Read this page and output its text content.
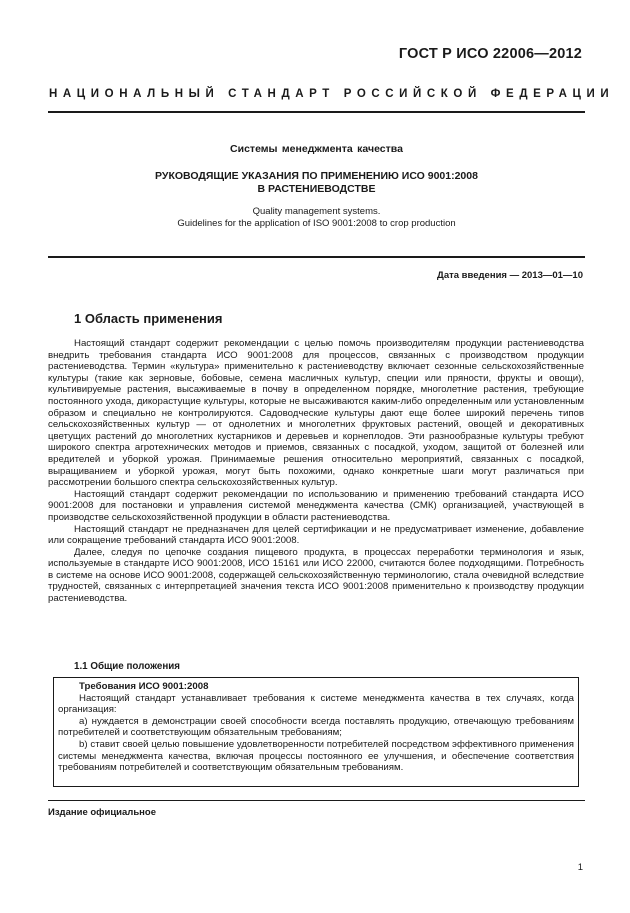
ГОСТ Р ИСО 22006—2012
НАЦИОНАЛЬНЫЙ СТАНДАРТ РОССИЙСКОЙ ФЕДЕРАЦИИ
Системы менеджмента качества
РУКОВОДЯЩИЕ УКАЗАНИЯ ПО ПРИМЕНЕНИЮ ИСО 9001:2008
В РАСТЕНИЕВОДСТВЕ
Quality management systems.
Guidelines for the application of ISO 9001:2008 to crop production
Дата введения — 2013—01—10
1 Область применения

Настоящий стандарт содержит рекомендации с целью помочь производителям продукции растениеводства внедрить требования стандарта ИСО 9001:2008 для процессов, связанных с производством продукции растениеводства. Термин «культура» применительно к растениеводству включает сезонные сельскохозяйственные культуры (такие как зерновые, бобовые, семена масличных культур, специи или пряности, фрукты и овощи), культивируемые растения, высаживаемые в почву в определенном порядке, многолетние растения, требующие постоянного ухода, дикорастущие культуры, которые не высаживаются каким-либо определенным или установленным образом и специально не контролируются. Садоводческие культуры дают еще более широкий перечень типов сельскохозяйственных культур — от однолетних и многолетних фруктовых растений, овощей и декоративных цветущих растений до многолетних кустарников и деревьев и корнеплодов. Эти разнообразные культуры требуют широкого спектра агротехнических методов и приемов, связанных с посадкой, уходом, защитой от болезней или вредителей и уборкой урожая. Принимаемые решения относительно мероприятий, связанных с посадкой, выращиванием и уборкой урожая, могут быть похожими, однако конкретные шаги могут различаться при рассмотрении большого спектра сельскохозяйственных культур.

Настоящий стандарт содержит рекомендации по использованию и применению требований стандарта ИСО 9001:2008 для постановки и управления системой менеджмента качества (СМК) организацией, участвующей в производстве сельскохозяйственной продукции в области растениеводства.

Настоящий стандарт не предназначен для целей сертификации и не предусматривает изменение, добавление или сокращение требований стандарта ИСО 9001:2008.

Далее, следуя по цепочке создания пищевого продукта, в процессах переработки терминология и язык, используемые в стандарте ИСО 9001:2008, ИСО 15161 или ИСО 22000, считаются более подходящими. Потребность в системе на основе ИСО 9001:2008, содержащей сельскохозяйственную терминологию, стала очевидной вследствие трудностей, связанных с интерпретацией значения текста ИСО 9001:2008 применительно к производству продукции растениеводства.

1.1 Общие положения
Требования ИСО 9001:2008

Настоящий стандарт устанавливает требования к системе менеджмента качества в тех случаях, когда организация:

а) нуждается в демонстрации своей способности всегда поставлять продукцию, отвечающую требованиям потребителей и соответствующим обязательным требованиям;

b) ставит своей целью повышение удовлетворенности потребителей посредством эффективного применения системы менеджмента качества, включая процессы постоянного ее улучшения, и обеспечение соответствия требованиям потребителей и соответствующим обязательным требованиям.

Издание официальное
1
